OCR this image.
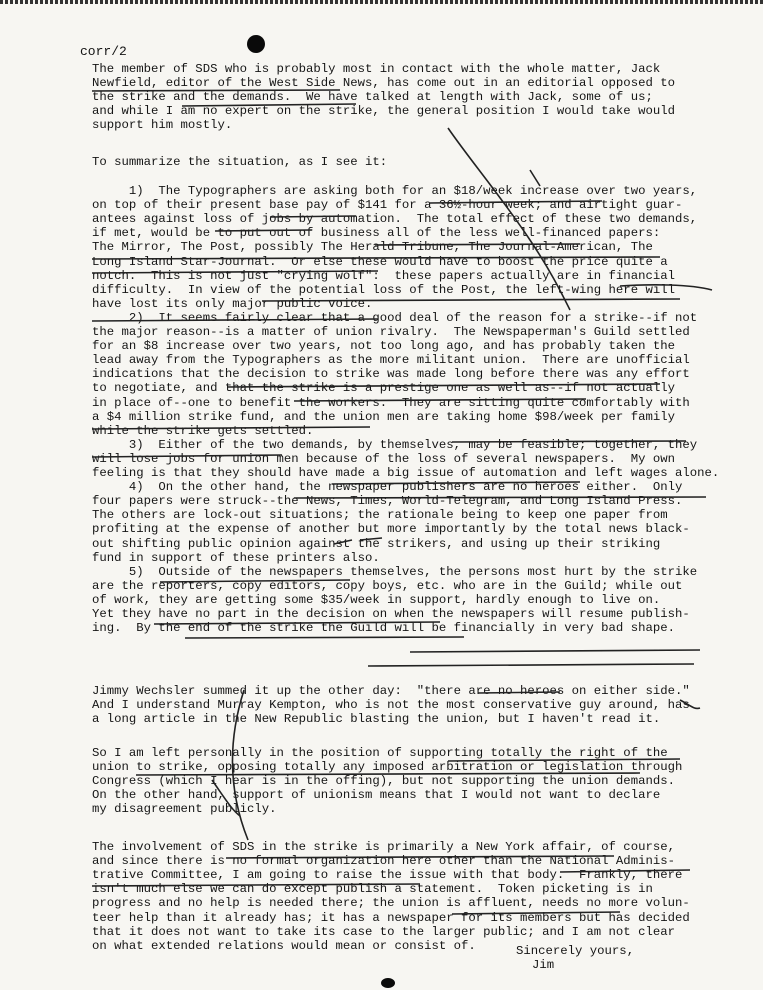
corr/2
The member of SDS who is probably most in contact with the whole matter, Jack
Newfield, editor of the West Side News, has come out in an editorial opposed to
the strike and the demands.  We have talked at length with Jack, some of us;
and while I am no expert on the strike, the general position I would take would
support him mostly.
To summarize the situation, as I see it:
1)  The Typographers are asking both for an $18/week increase over two years,
on top of their present base pay of $141 for a 36½-hour week; and airtight guar-
antees against loss of jobs by automation.  The total effect of these two demands,
if met, would be to put out of business all of the less well-financed papers:
The Mirror, The Post, possibly The Herald Tribune, The Journal-American, The
Long Island Star-Journal.  Or else these would have to boost the price quite a
notch.  This is not just "crying wolf":  these papers actually are in financial
difficulty.  In view of the potential loss of the Post, the left-wing here will
have lost its only major public voice.
2)  It seems fairly clear that a good deal of the reason for a strike--if not
the major reason--is a matter of union rivalry.  The Newspaperman's Guild settled
for an $8 increase over two years, not too long ago, and has probably taken the
lead away from the Typographers as the more militant union.  There are unofficial
indications that the decision to strike was made long before there was any effort
to negotiate, and that the strike is a prestige one as well as--if not actually
in place of--one to benefit the workers.  They are sitting quite comfortably with
a $4 million strike fund, and the union men are taking home $98/week per family
while the strike gets settled.
3)  Either of the two demands, by themselves, may be feasible; together, they
will lose jobs for union men because of the loss of several newspapers.  My own
feeling is that they should have made a big issue of automation and left wages alone.
4)  On the other hand, the newspaper publishers are no heroes either.  Only
four papers were struck--the News, Times, World-Telegram, and Long Island Press.
The others are lock-out situations; the rationale being to keep one paper from
profiting at the expense of another but more importantly by the total news black-
out shifting public opinion against the strikers, and using up their striking
fund in support of these printers also.
5)  Outside of the newspapers themselves, the persons most hurt by the strike
are the reporters, copy editors, copy boys, etc. who are in the Guild; while out
of work, they are getting some $35/week in support, hardly enough to live on.
Yet they have no part in the decision on when the newspapers will resume publish-
ing.  By the end of the strike the Guild will be financially in very bad shape.
Jimmy Wechsler summed it up the other day:  "there are no heroes on either side."
And I understand Murray Kempton, who is not the most conservative guy around, has
a long article in the New Republic blasting the union, but I haven't read it.
So I am left personally in the position of supporting totally the right of the
union to strike, opposing totally any imposed arbitration or legislation through
Congress (which I hear is in the offing), but not supporting the union demands.
On the other hand, support of unionism means that I would not want to declare
my disagreement publicly.
The involvement of SDS in the strike is primarily a New York affair, of course,
and since there is no formal organization here other than the National Adminis-
trative Committee, I am going to raise the issue with that body.  Frankly, there
isn't much else we can do except publish a statement.  Token picketing is in
progress and no help is needed there; the union is affluent, needs no more volun-
teer help than it already has; it has a newspaper for its members but has decided
that it does not want to take its case to the larger public; and I am not clear
on what extended relations would mean or consist of.	Sincerely yours,
Jim
